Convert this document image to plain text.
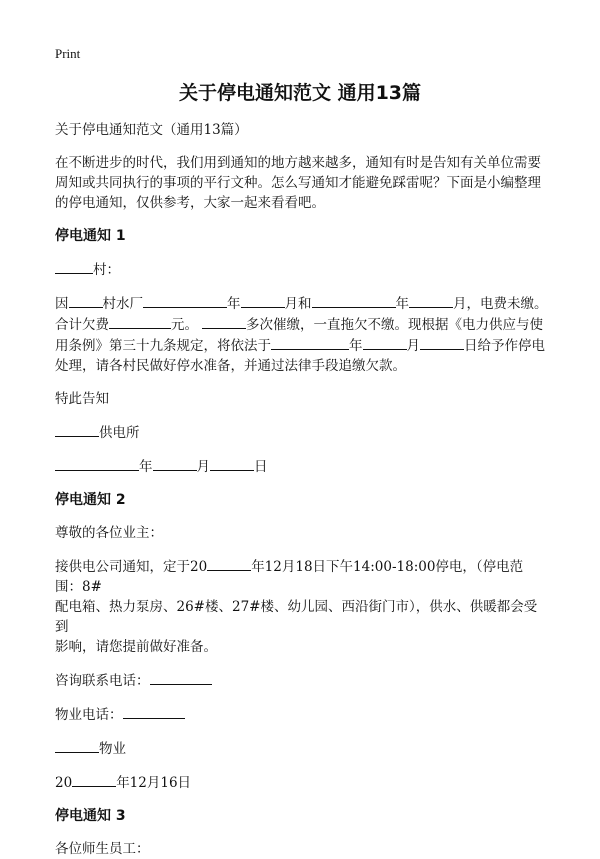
Print
关于停电通知范文 通用13篇

关于停电通知范文（通用13篇）

在不断进步的时代，我们用到通知的地方越来越多，通知有时是告知有关单位需要

周知或共同执行的事项的平行文种。怎么写通知才能避免踩雷呢？下面是小编整理

的停电通知，仅供参考，大家一起来看看吧。

停电通知 1

村：

因	村水厂	年	月和	年	月，电费未缴。

合计欠费	元。	多次催缴，一直拖欠不缴。现根据《电力供应与使

用条例》第三十九条规定，将依法于	年	月	日给予作停电

处理，请各村民做好停水准备，并通过法律手段追缴欠款。

特此告知

供电所

年	月	日

停电通知 2

尊敬的各位业主：

接供电公司通知，定于20	年12月18日下午14:00-18:00停电，（停电范围：8#

配电箱、热力泵房、26#楼、27#楼、幼儿园、西沿街门市），供水、供暖都会受到

影响，请您提前做好准备。

咨询联系电话：

物业电话：

物业

20	年12月16日

停电通知 3

各位师生员工：
